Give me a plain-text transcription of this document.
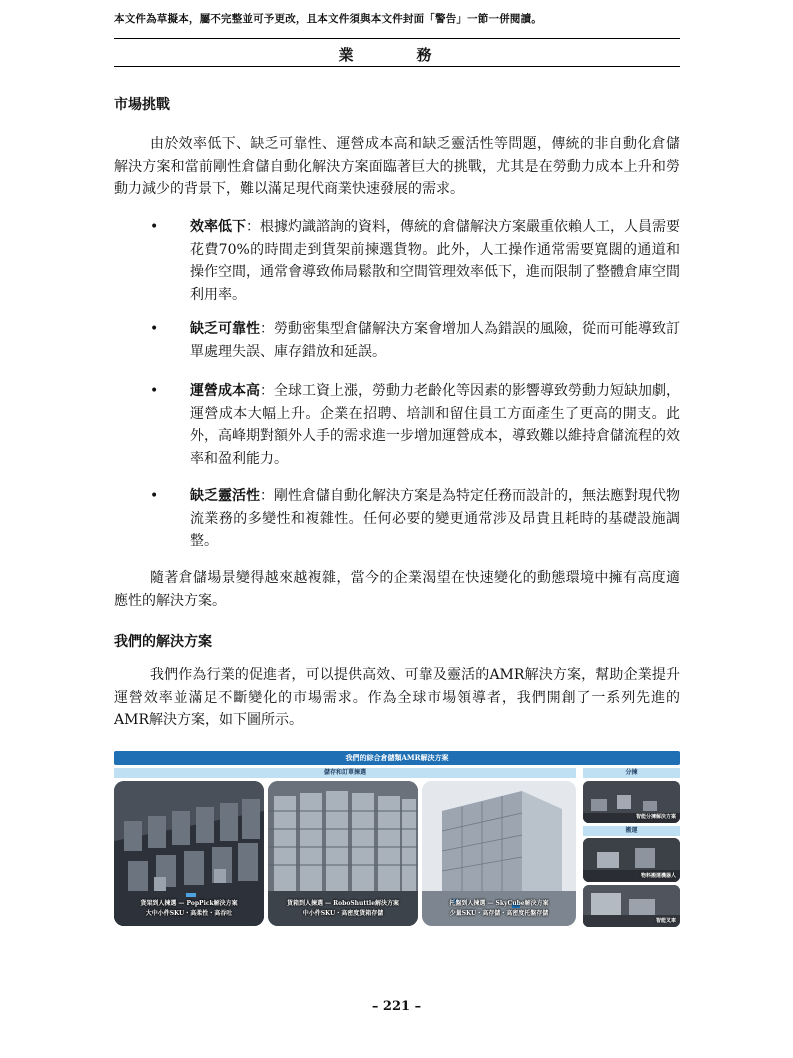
本文件為草擬本，屬不完整並可予更改，且本文件須與本文件封面「警告」一節一併閱讀。
業　務
市場挑戰

由於效率低下、缺乏可靠性、運營成本高和缺乏靈活性等問題，傳統的非自動化倉儲解決方案和當前剛性倉儲自動化解決方案面臨著巨大的挑戰，尤其是在勞動力成本上升和勞動力減少的背景下，難以滿足現代商業快速發展的需求。

•	效率低下：根據灼識諮詢的資料，傳統的倉儲解決方案嚴重依賴人工，人員需要花費70%的時間走到貨架前揀選貨物。此外，人工操作通常需要寬闊的通道和操作空間，通常會導致佈局鬆散和空間管理效率低下，進而限制了整體倉庫空間利用率。
•	缺乏可靠性：勞動密集型倉儲解決方案會增加人為錯誤的風險，從而可能導致訂單處理失誤、庫存錯放和延誤。
•	運營成本高：全球工資上漲，勞動力老齡化等因素的影響導致勞動力短缺加劇，運營成本大幅上升。企業在招聘、培訓和留住員工方面產生了更高的開支。此外，高峰期對額外人手的需求進一步增加運營成本，導致難以維持倉儲流程的效率和盈利能力。
•	缺乏靈活性：剛性倉儲自動化解決方案是為特定任務而設計的，無法應對現代物流業務的多變性和複雜性。任何必要的變更通常涉及昂貴且耗時的基礎設施調整。

隨著倉儲場景變得越來越複雜，當今的企業渴望在快速變化的動態環境中擁有高度適應性的解決方案。

我們的解決方案

我們作為行業的促進者，可以提供高效、可靠及靈活的AMR解決方案，幫助企業提升運營效率並滿足不斷變化的市場需求。作為全球市場領導者，我們開創了一系列先進的AMR解決方案，如下圖所示。

我們的綜合倉儲類AMR解決方案
儲存和訂單揀選	分揀
貨架到人揀選 — PopPick解決方案
大中小件SKU・高柔性・高吞吐
貨箱到人揀選 — RoboShuttle解決方案
中小件SKU・高密度貨箱存儲
托盤到人揀選 — SkyCube解決方案
少量SKU・高存儲・高密度托盤存儲
智能分揀解決方案
搬運
物料搬運機器人
智能叉車
– 221 –
